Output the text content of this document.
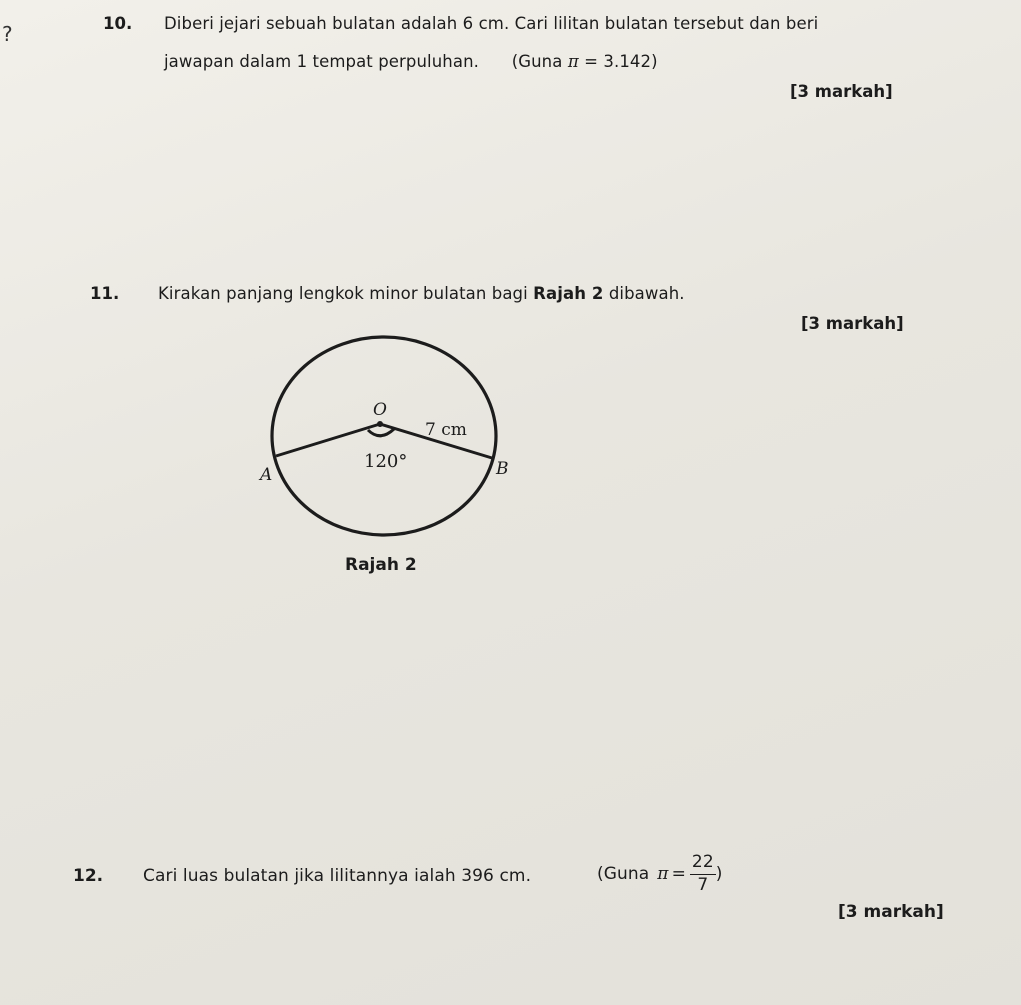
?	10. Diberi jejari sebuah bulatan adalah 6 cm. Cari lilitan bulatan tersebut dan beri
jawapan dalam 1 tempat perpuluhan. (Guna π = 3.142)
[3 markah]
11. Kirakan panjang lengkok minor bulatan bagi Rajah 2 dibawah.
[3 markah]
O
7 cm
120°
A	B
Rajah 2
12. Cari luas bulatan jika lilitannya ialah 396 cm.	(Guna $\pi = \frac{22}{7}$ )
[3 markah]
